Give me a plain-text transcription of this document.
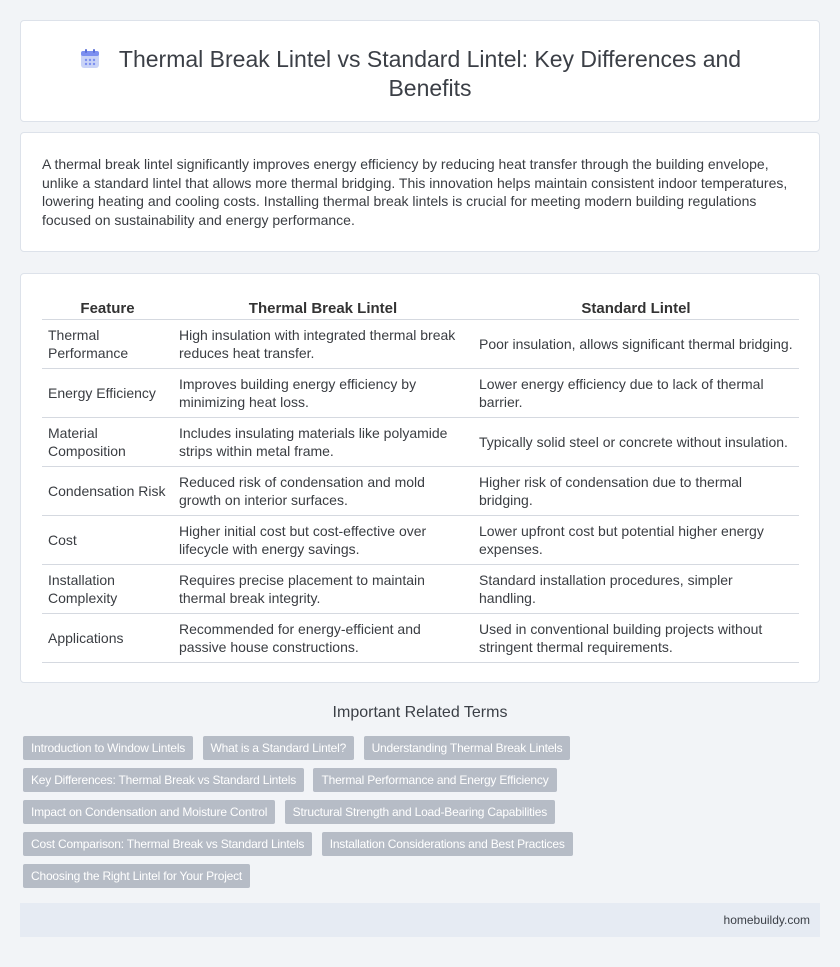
Thermal Break Lintel vs Standard Lintel: Key Differences and Benefits

A thermal break lintel significantly improves energy efficiency by reducing heat transfer through the building envelope, unlike a standard lintel that allows more thermal bridging. This innovation helps maintain consistent indoor temperatures, lowering heating and cooling costs. Installing thermal break lintels is crucial for meeting modern building regulations focused on sustainability and energy performance.

Feature	Thermal Break Lintel	Standard Lintel
Thermal Performance	High insulation with integrated thermal break reduces heat transfer.	Poor insulation, allows significant thermal bridging.
Energy Efficiency	Improves building energy efficiency by minimizing heat loss.	Lower energy efficiency due to lack of thermal barrier.
Material Composition	Includes insulating materials like polyamide strips within metal frame.	Typically solid steel or concrete without insulation.
Condensation Risk	Reduced risk of condensation and mold growth on interior surfaces.	Higher risk of condensation due to thermal bridging.
Cost	Higher initial cost but cost-effective over lifecycle with energy savings.	Lower upfront cost but potential higher energy expenses.
Installation Complexity	Requires precise placement to maintain thermal break integrity.	Standard installation procedures, simpler handling.
Applications	Recommended for energy-efficient and passive house constructions.	Used in conventional building projects without stringent thermal requirements.
Important Related Terms
Introduction to Window Lintels What is a Standard Lintel? Understanding Thermal Break Lintels Key Differences: Thermal Break vs Standard Lintels Thermal Performance and Energy Efficiency Impact on Condensation and Moisture Control Structural Strength and Load-Bearing Capabilities Cost Comparison: Thermal Break vs Standard Lintels Installation Considerations and Best Practices Choosing the Right Lintel for Your Project
homebuildy.com
